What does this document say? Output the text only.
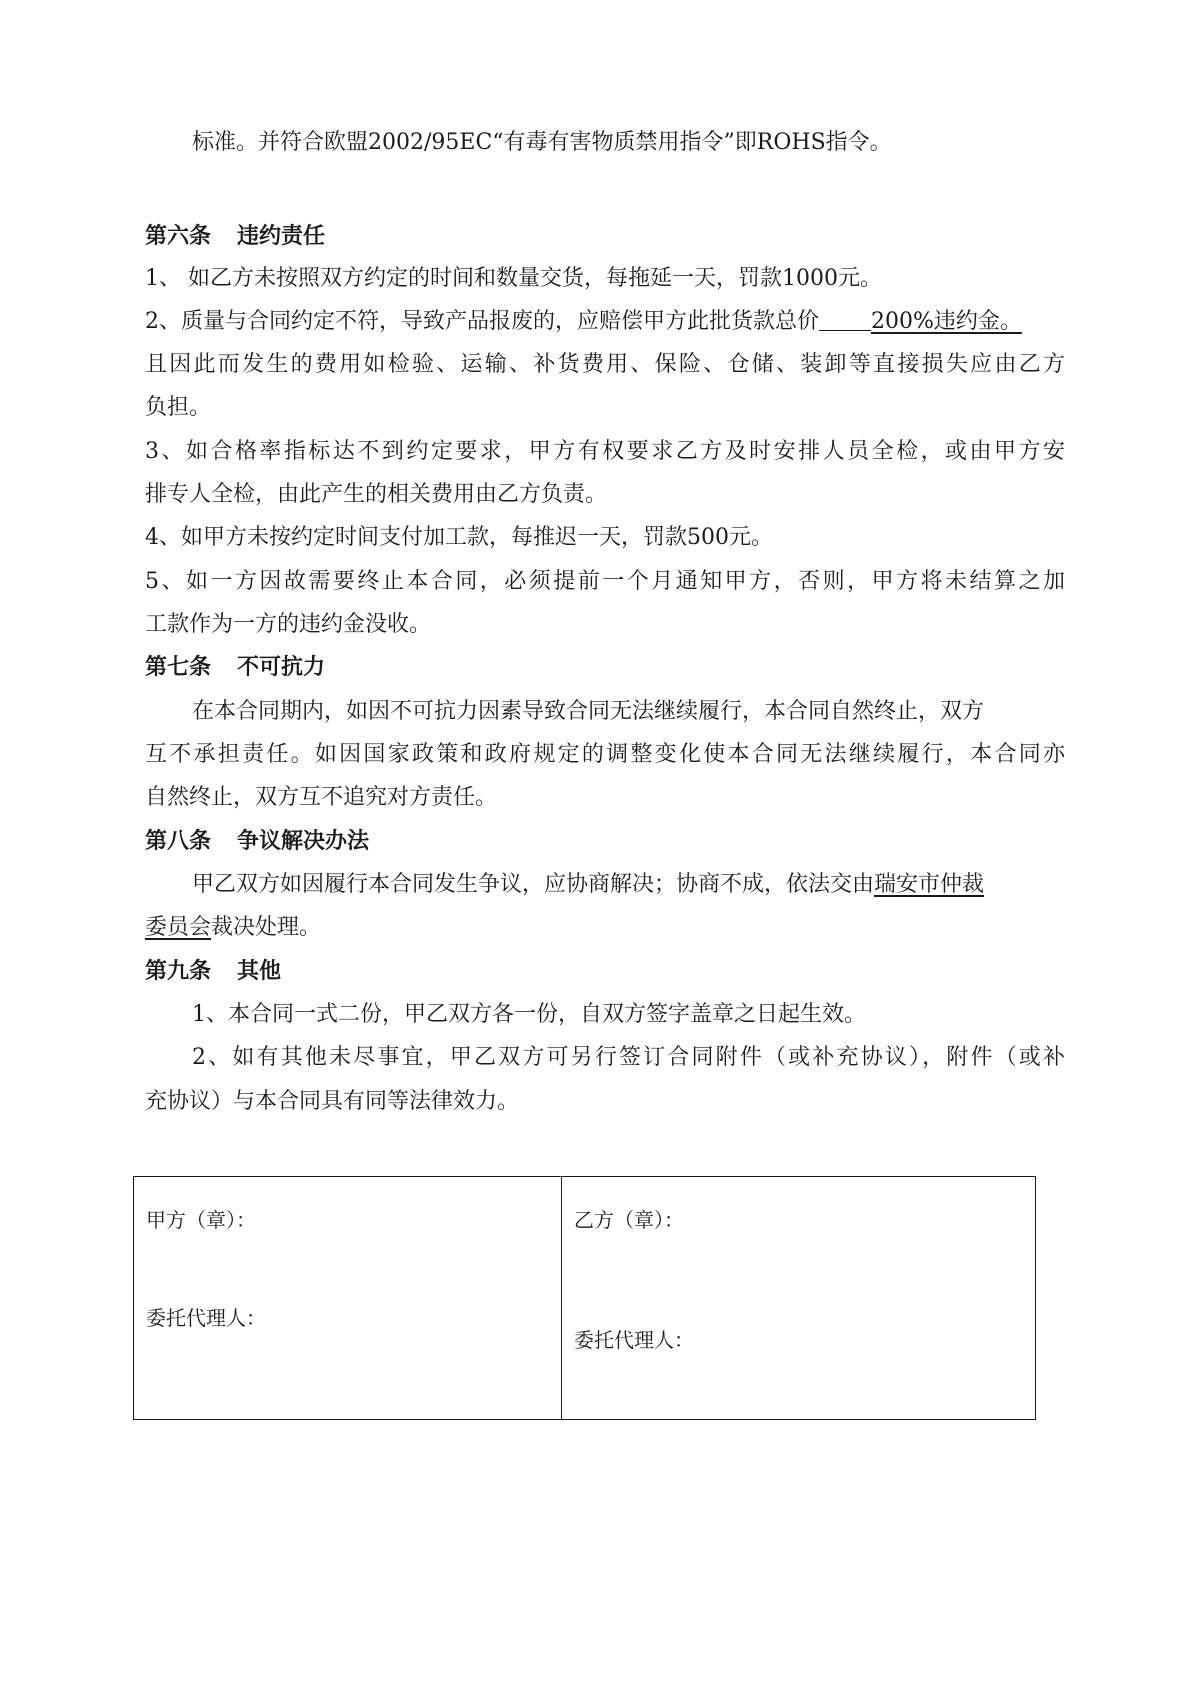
标准。并符合欧盟2002/95EC“有毒有害物质禁用指令”即ROHS指令。
第六条 违约责任
1、 如乙方未按照双方约定的时间和数量交货，每拖延一天，罚款1000元。
2、质量与合同约定不符，导致产品报废的，应赔偿甲方此批货款总价 200%违约金。
且因此而发生的费用如检验、运输、补货费用、保险、仓储、装卸等直接损失应由乙方
负担。
3、如合格率指标达不到约定要求，甲方有权要求乙方及时安排人员全检，或由甲方安
排专人全检，由此产生的相关费用由乙方负责。
4、如甲方未按约定时间支付加工款，每推迟一天，罚款500元。
5、如一方因故需要终止本合同，必须提前一个月通知甲方，否则，甲方将未结算之加
工款作为一方的违约金没收。
第七条 不可抗力
在本合同期内，如因不可抗力因素导致合同无法继续履行，本合同自然终止，双方
互不承担责任。如因国家政策和政府规定的调整变化使本合同无法继续履行，本合同亦
自然终止，双方互不追究对方责任。
第八条 争议解决办法
甲乙双方如因履行本合同发生争议，应协商解决；协商不成，依法交由瑞安市仲裁
委员会裁决处理。
第九条 其他
1、本合同一式二份，甲乙双方各一份，自双方签字盖章之日起生效。
2、如有其他未尽事宜，甲乙双方可另行签订合同附件（或补充协议），附件（或补
充协议）与本合同具有同等法律效力。
甲方（章）：
委托代理人：
乙方（章）：
委托代理人：
